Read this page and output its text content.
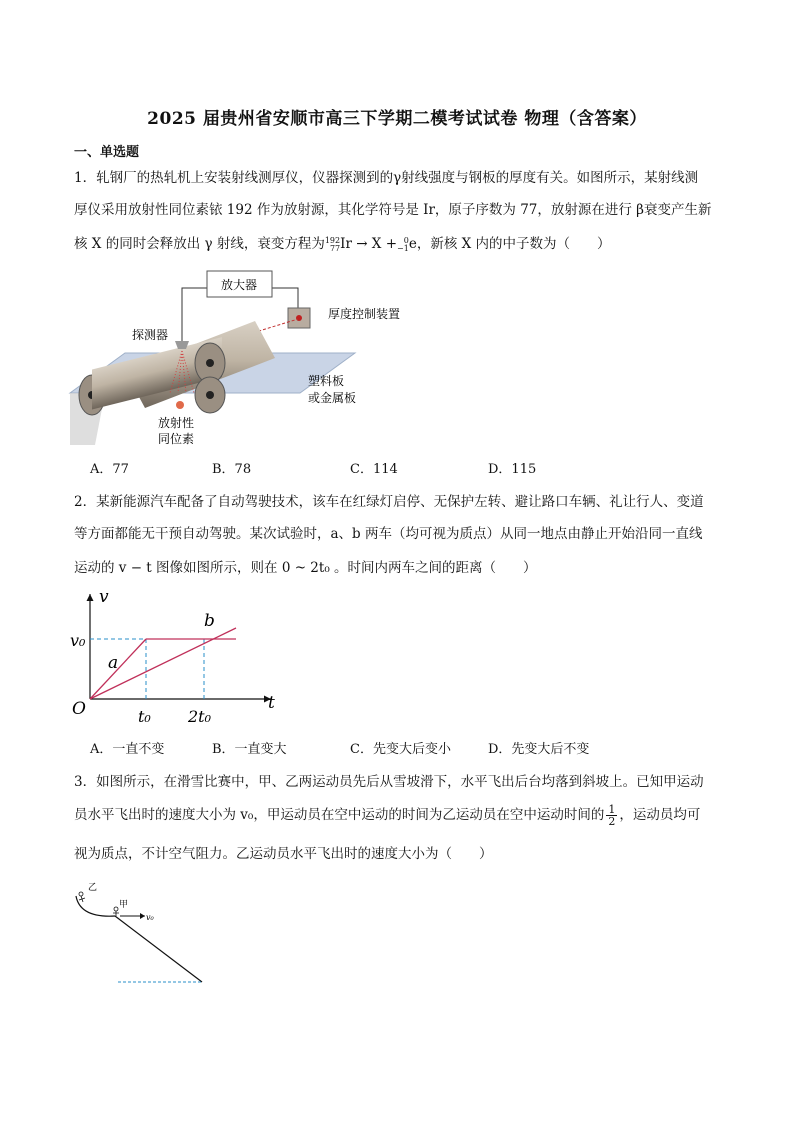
2025 届贵州省安顺市高三下学期二模考试试卷 物理（含答案）
一、单选题
1．轧钢厂的热轧机上安装射线测厚仪，仪器探测到的γ射线强度与钢板的厚度有关。如图所示，某射线测
厚仪采用放射性同位素铱 192 作为放射源，其化学符号是 Ir，原子序数为 77，放射源在进行 β衰变产生新
核 X 的同时会释放出 γ 射线，衰变方程为192
77Ir → X + 0
−1e，新核 X 内的中子数为（　　）
放大器
厚度控制装置
探测器
塑料板
或金属板
放射性
同位素
A．77	B．78	C．114	D．115
2．某新能源汽车配备了自动驾驶技术，该车在红绿灯启停、无保护左转、避让路口车辆、礼让行人、变道
等方面都能无干预自动驾驶。某次试验时，a、b 两车（均可视为质点）从同一地点由静止开始沿同一直线
运动的 v − t 图像如图所示，则在 0 ~ 2t₀ 。时间内两车之间的距离（　　）
v
t
O
v₀
t₀ 2t₀
a
b
A．一直不变	B．一直变大	C．先变大后变小	D．先变大后不变
3．如图所示，在滑雪比赛中，甲、乙两运动员先后从雪坡滑下，水平飞出后台均落到斜坡上。已知甲运动
员水平飞出时的速度大小为 v₀，甲运动员在空中运动的时间为乙运动员在空中运动时间的 $\frac{1}{2}$ ，运动员均可
视为质点，不计空气阻力。乙运动员水平飞出时的速度大小为（　　）
乙
甲
v₀
